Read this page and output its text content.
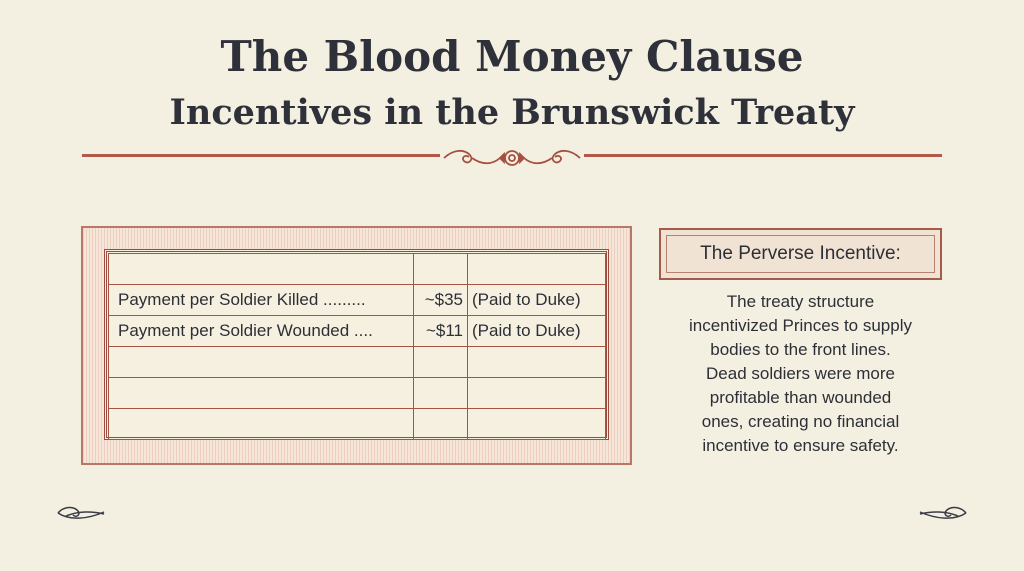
The Blood Money Clause
Incentives in the Brunswick Treaty

Payment per Soldier Killed .........	~$35	(Paid to Duke)
Payment per Soldier Wounded ....	~$11	(Paid to Duke)

The Perverse Incentive:
The treaty structure
incentivized Princes to supply
bodies to the front lines.
Dead soldiers were more
profitable than wounded
ones, creating no financial
incentive to ensure safety.
